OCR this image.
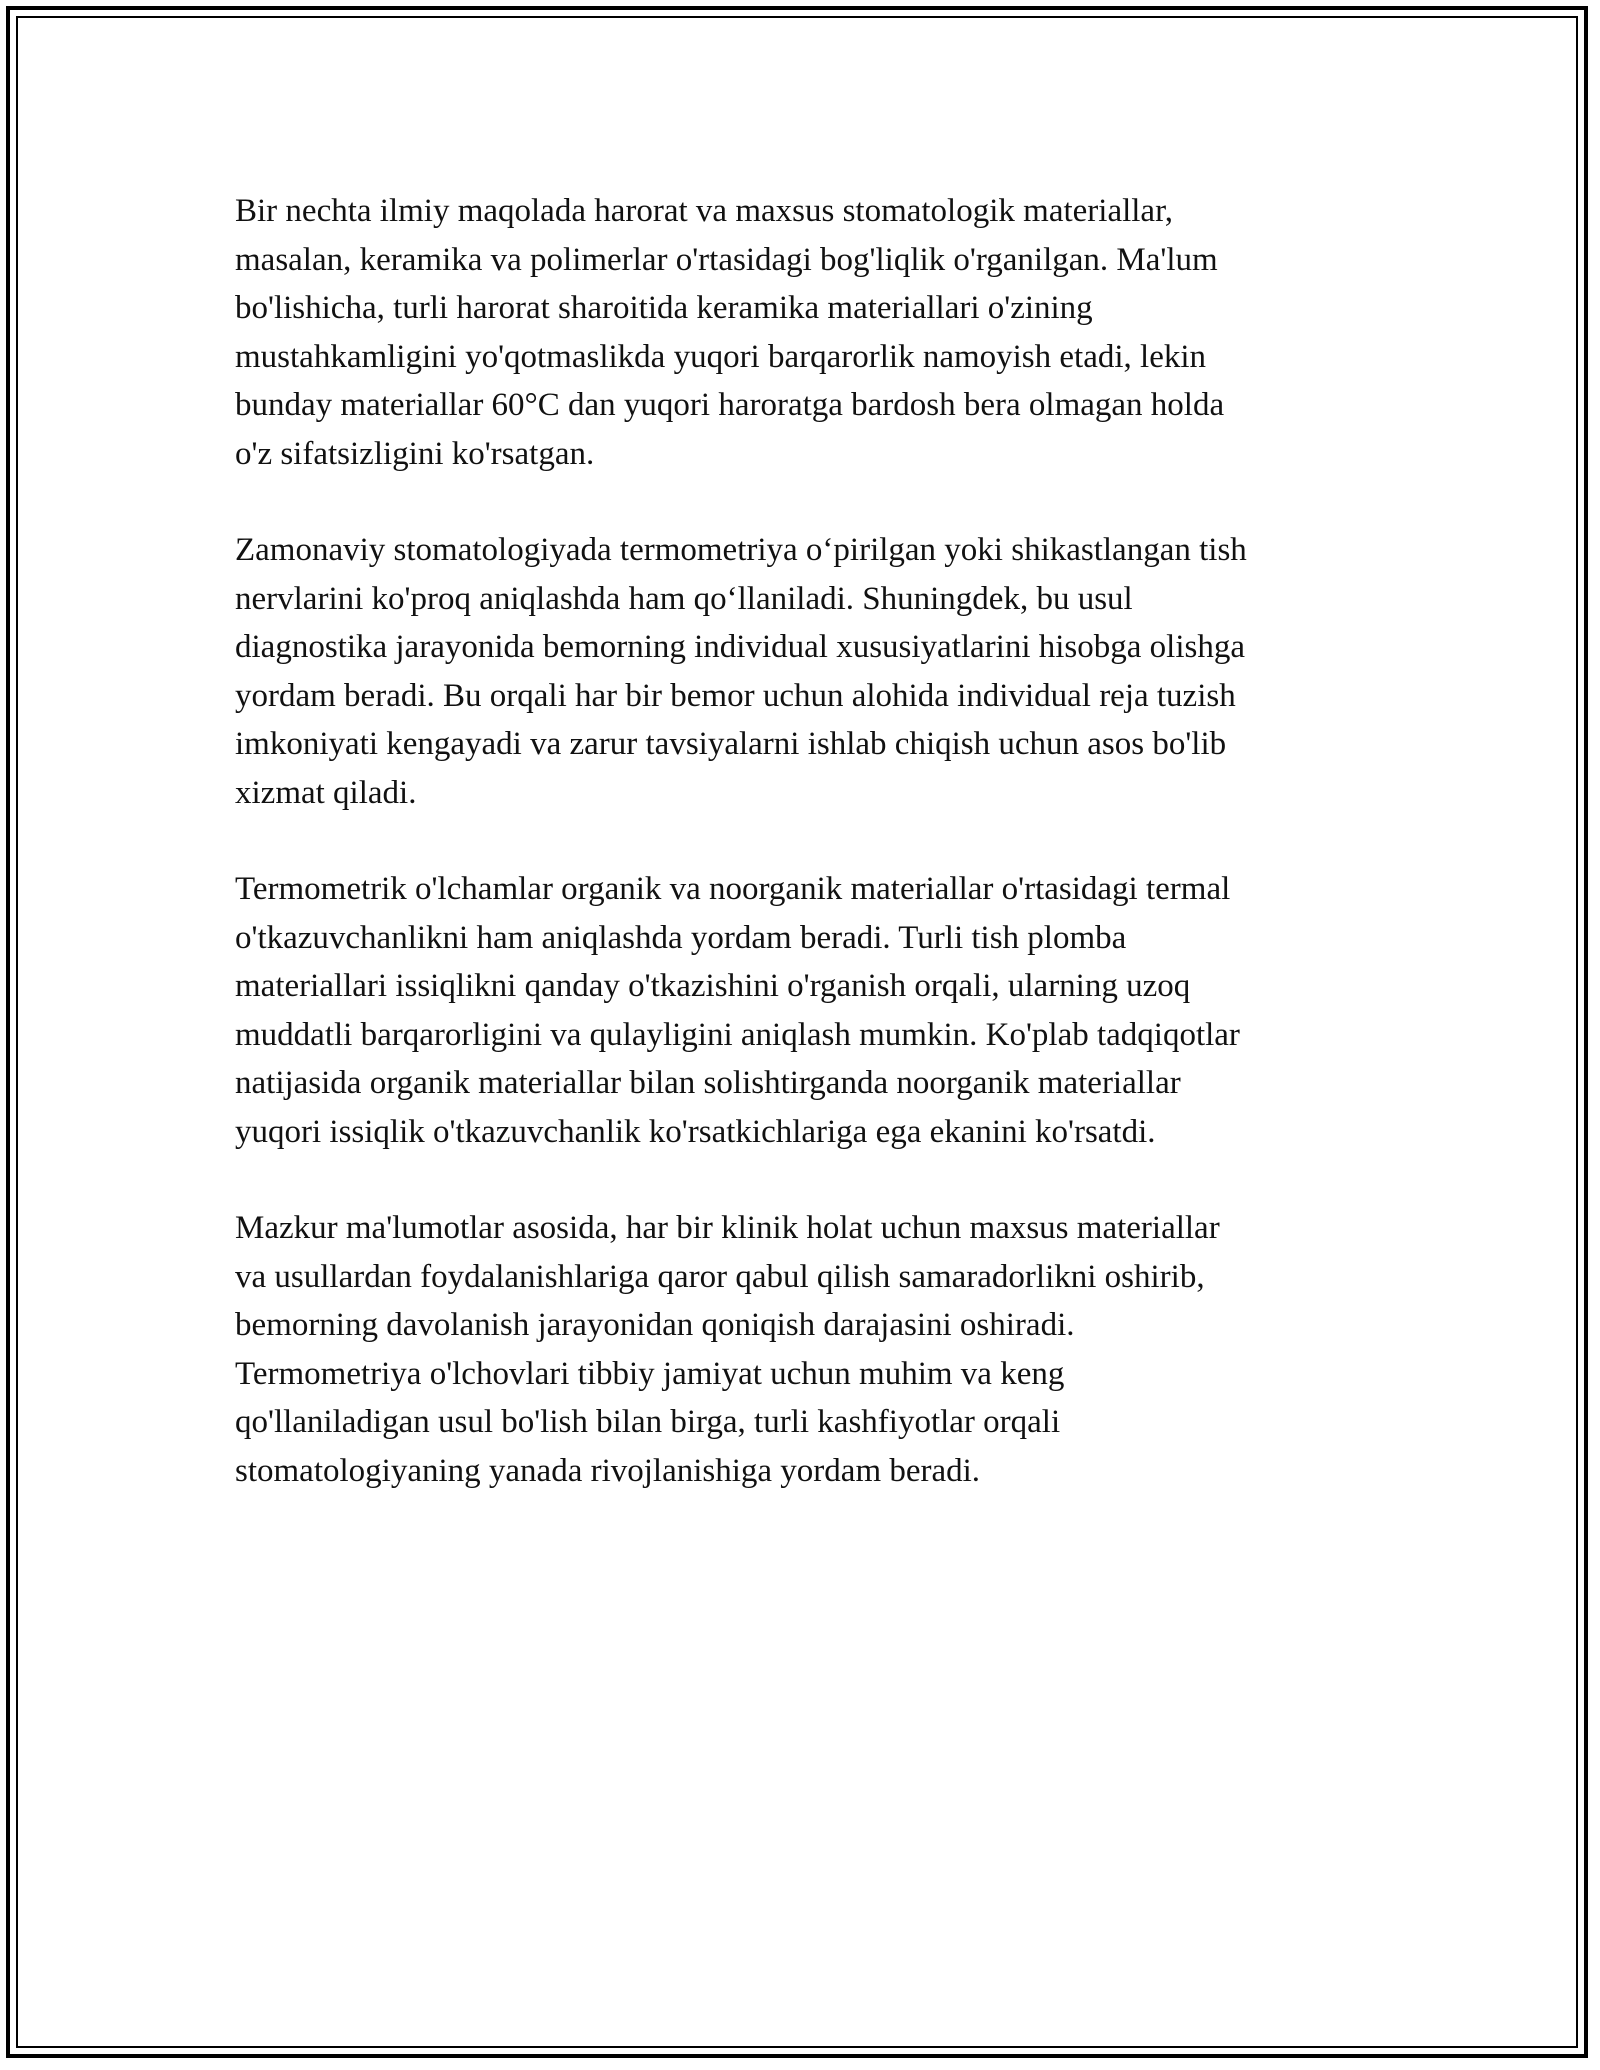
Bir nechta ilmiy maqolada harorat va maxsus stomatologik materiallar,
masalan, keramika va polimerlar o'rtasidagi bog'liqlik o'rganilgan. Ma'lum
bo'lishicha, turli harorat sharoitida keramika materiallari o'zining
mustahkamligini yo'qotmaslikda yuqori barqarorlik namoyish etadi, lekin
bunday materiallar 60°C dan yuqori haroratga bardosh bera olmagan holda
o'z sifatsizligini ko'rsatgan.

Zamonaviy stomatologiyada termometriya o‘pirilgan yoki shikastlangan tish
nervlarini ko'proq aniqlashda ham qo‘llaniladi. Shuningdek, bu usul
diagnostika jarayonida bemorning individual xususiyatlarini hisobga olishga
yordam beradi. Bu orqali har bir bemor uchun alohida individual reja tuzish
imkoniyati kengayadi va zarur tavsiyalarni ishlab chiqish uchun asos bo'lib
xizmat qiladi.

Termometrik o'lchamlar organik va noorganik materiallar o'rtasidagi termal
o'tkazuvchanlikni ham aniqlashda yordam beradi. Turli tish plomba
materiallari issiqlikni qanday o'tkazishini o'rganish orqali, ularning uzoq
muddatli barqarorligini va qulayligini aniqlash mumkin. Ko'plab tadqiqotlar
natijasida organik materiallar bilan solishtirganda noorganik materiallar
yuqori issiqlik o'tkazuvchanlik ko'rsatkichlariga ega ekanini ko'rsatdi.

Mazkur ma'lumotlar asosida, har bir klinik holat uchun maxsus materiallar
va usullardan foydalanishlariga qaror qabul qilish samaradorlikni oshirib,
bemorning davolanish jarayonidan qoniqish darajasini oshiradi.
Termometriya o'lchovlari tibbiy jamiyat uchun muhim va keng
qo'llaniladigan usul bo'lish bilan birga, turli kashfiyotlar orqali
stomatologiyaning yanada rivojlanishiga yordam beradi.
